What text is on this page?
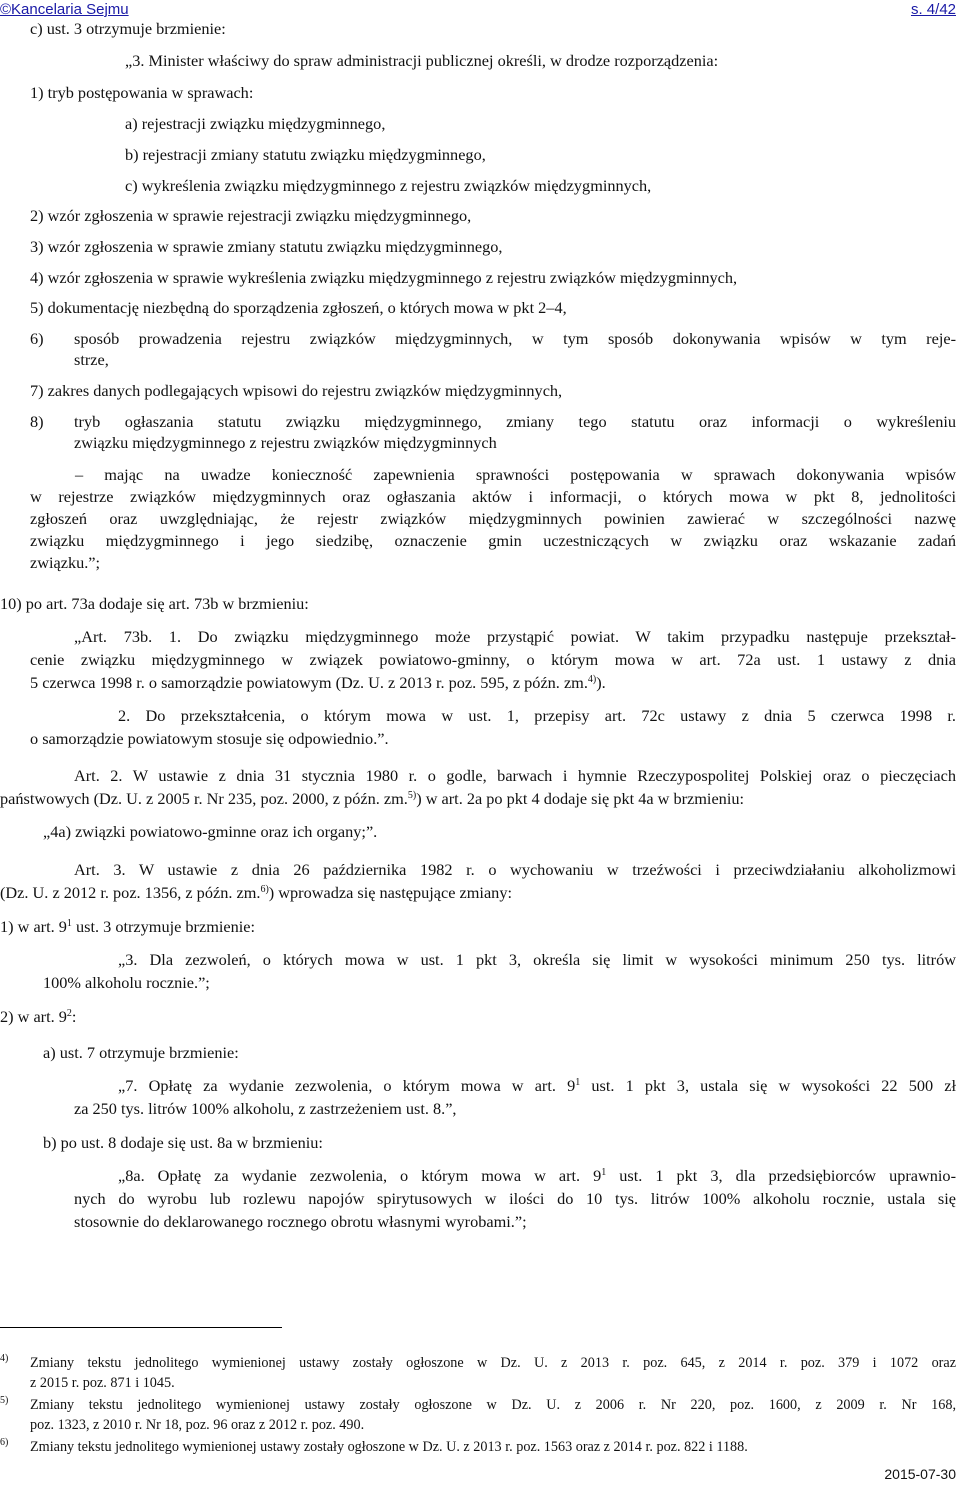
©Kancelaria Sejmu	s. 4/42
c) ust. 3 otrzymuje brzmienie:
„3. Minister właściwy do spraw administracji publicznej określi, w drodze rozporządzenia:
1) tryb postępowania w sprawach:
a) rejestracji związku międzygminnego,
b) rejestracji zmiany statutu związku międzygminnego,
c) wykreślenia związku międzygminnego z rejestru związków międzygminnych,
2) wzór zgłoszenia w sprawie rejestracji związku międzygminnego,
3) wzór zgłoszenia w sprawie zmiany statutu związku międzygminnego,
4) wzór zgłoszenia w sprawie wykreślenia związku międzygminnego z rejestru związków międzygminnych,
5) dokumentację niezbędną do sporządzenia zgłoszeń, o których mowa w pkt 2–4,
6) sposób prowadzenia rejestru związków międzygminnych, w tym sposób dokonywania wpisów w tym reje-
strze,
7) zakres danych podlegających wpisowi do rejestru związków międzygminnych,
8) tryb ogłaszania statutu związku międzygminnego, zmiany tego statutu oraz informacji o wykreśleniu
związku międzygminnego z rejestru związków międzygminnych
– mając na uwadze konieczność zapewnienia sprawności postępowania w sprawach dokonywania wpisów
w rejestrze związków międzygminnych oraz ogłaszania aktów i informacji, o których mowa w pkt 8, jednolitości
zgłoszeń oraz uwzględniając, że rejestr związków międzygminnych powinien zawierać w szczególności nazwę
związku międzygminnego i jego siedzibę, oznaczenie gmin uczestniczących w związku oraz wskazanie zadań
związku.”;
10) po art. 73a dodaje się art. 73b w brzmieniu:
„Art. 73b. 1. Do związku międzygminnego może przystąpić powiat. W takim przypadku następuje przekształ-
cenie związku międzygminnego w związek powiatowo-gminny, o którym mowa w art. 72a ust. 1 ustawy z dnia
5 czerwca 1998 r. o samorządzie powiatowym (Dz. U. z 2013 r. poz. 595, z późn. zm.$^{4)}$).
2. Do przekształcenia, o którym mowa w ust. 1, przepisy art. 72c ustawy z dnia 5 czerwca 1998 r.
o samorządzie powiatowym stosuje się odpowiednio.”.
Art. 2. W ustawie z dnia 31 stycznia 1980 r. o godle, barwach i hymnie Rzeczypospolitej Polskiej oraz o pieczęciach
państwowych (Dz. U. z 2005 r. Nr 235, poz. 2000, z późn. zm.$^{5)}$) w art. 2a po pkt 4 dodaje się pkt 4a w brzmieniu:
„4a) związki powiatowo-gminne oraz ich organy;”.
Art. 3. W ustawie z dnia 26 października 1982 r. o wychowaniu w trzeźwości i przeciwdziałaniu alkoholizmowi
(Dz. U. z 2012 r. poz. 1356, z późn. zm.$^{6)}$) wprowadza się następujące zmiany:
1) w art. $9^1$ ust. 3 otrzymuje brzmienie:
„3. Dla zezwoleń, o których mowa w ust. 1 pkt 3, określa się limit w wysokości minimum 250 tys. litrów
100% alkoholu rocznie.”;
2) w art. $9^2$:
a) ust. 7 otrzymuje brzmienie:
„7. Opłatę za wydanie zezwolenia, o którym mowa w art. $9^1$ ust. 1 pkt 3, ustala się w wysokości 22 500 zł
za 250 tys. litrów 100% alkoholu, z zastrzeżeniem ust. 8.”,
b) po ust. 8 dodaje się ust. 8a w brzmieniu:
„8a. Opłatę za wydanie zezwolenia, o którym mowa w art. $9^1$ ust. 1 pkt 3, dla przedsiębiorców uprawnio-
nych do wyrobu lub rozlewu napojów spirytusowych w ilości do 10 tys. litrów 100% alkoholu rocznie, ustala się
stosownie do deklarowanego rocznego obrotu własnymi wyrobami.”;
4) Zmiany tekstu jednolitego wymienionej ustawy zostały ogłoszone w Dz. U. z 2013 r. poz. 645, z 2014 r. poz. 379 i 1072 oraz
z 2015 r. poz. 871 i 1045.
5) Zmiany tekstu jednolitego wymienionej ustawy zostały ogłoszone w Dz. U. z 2006 r. Nr 220, poz. 1600, z 2009 r. Nr 168,
poz. 1323, z 2010 r. Nr 18, poz. 96 oraz z 2012 r. poz. 490.
6) Zmiany tekstu jednolitego wymienionej ustawy zostały ogłoszone w Dz. U. z 2013 r. poz. 1563 oraz z 2014 r. poz. 822 i 1188.
2015-07-30
